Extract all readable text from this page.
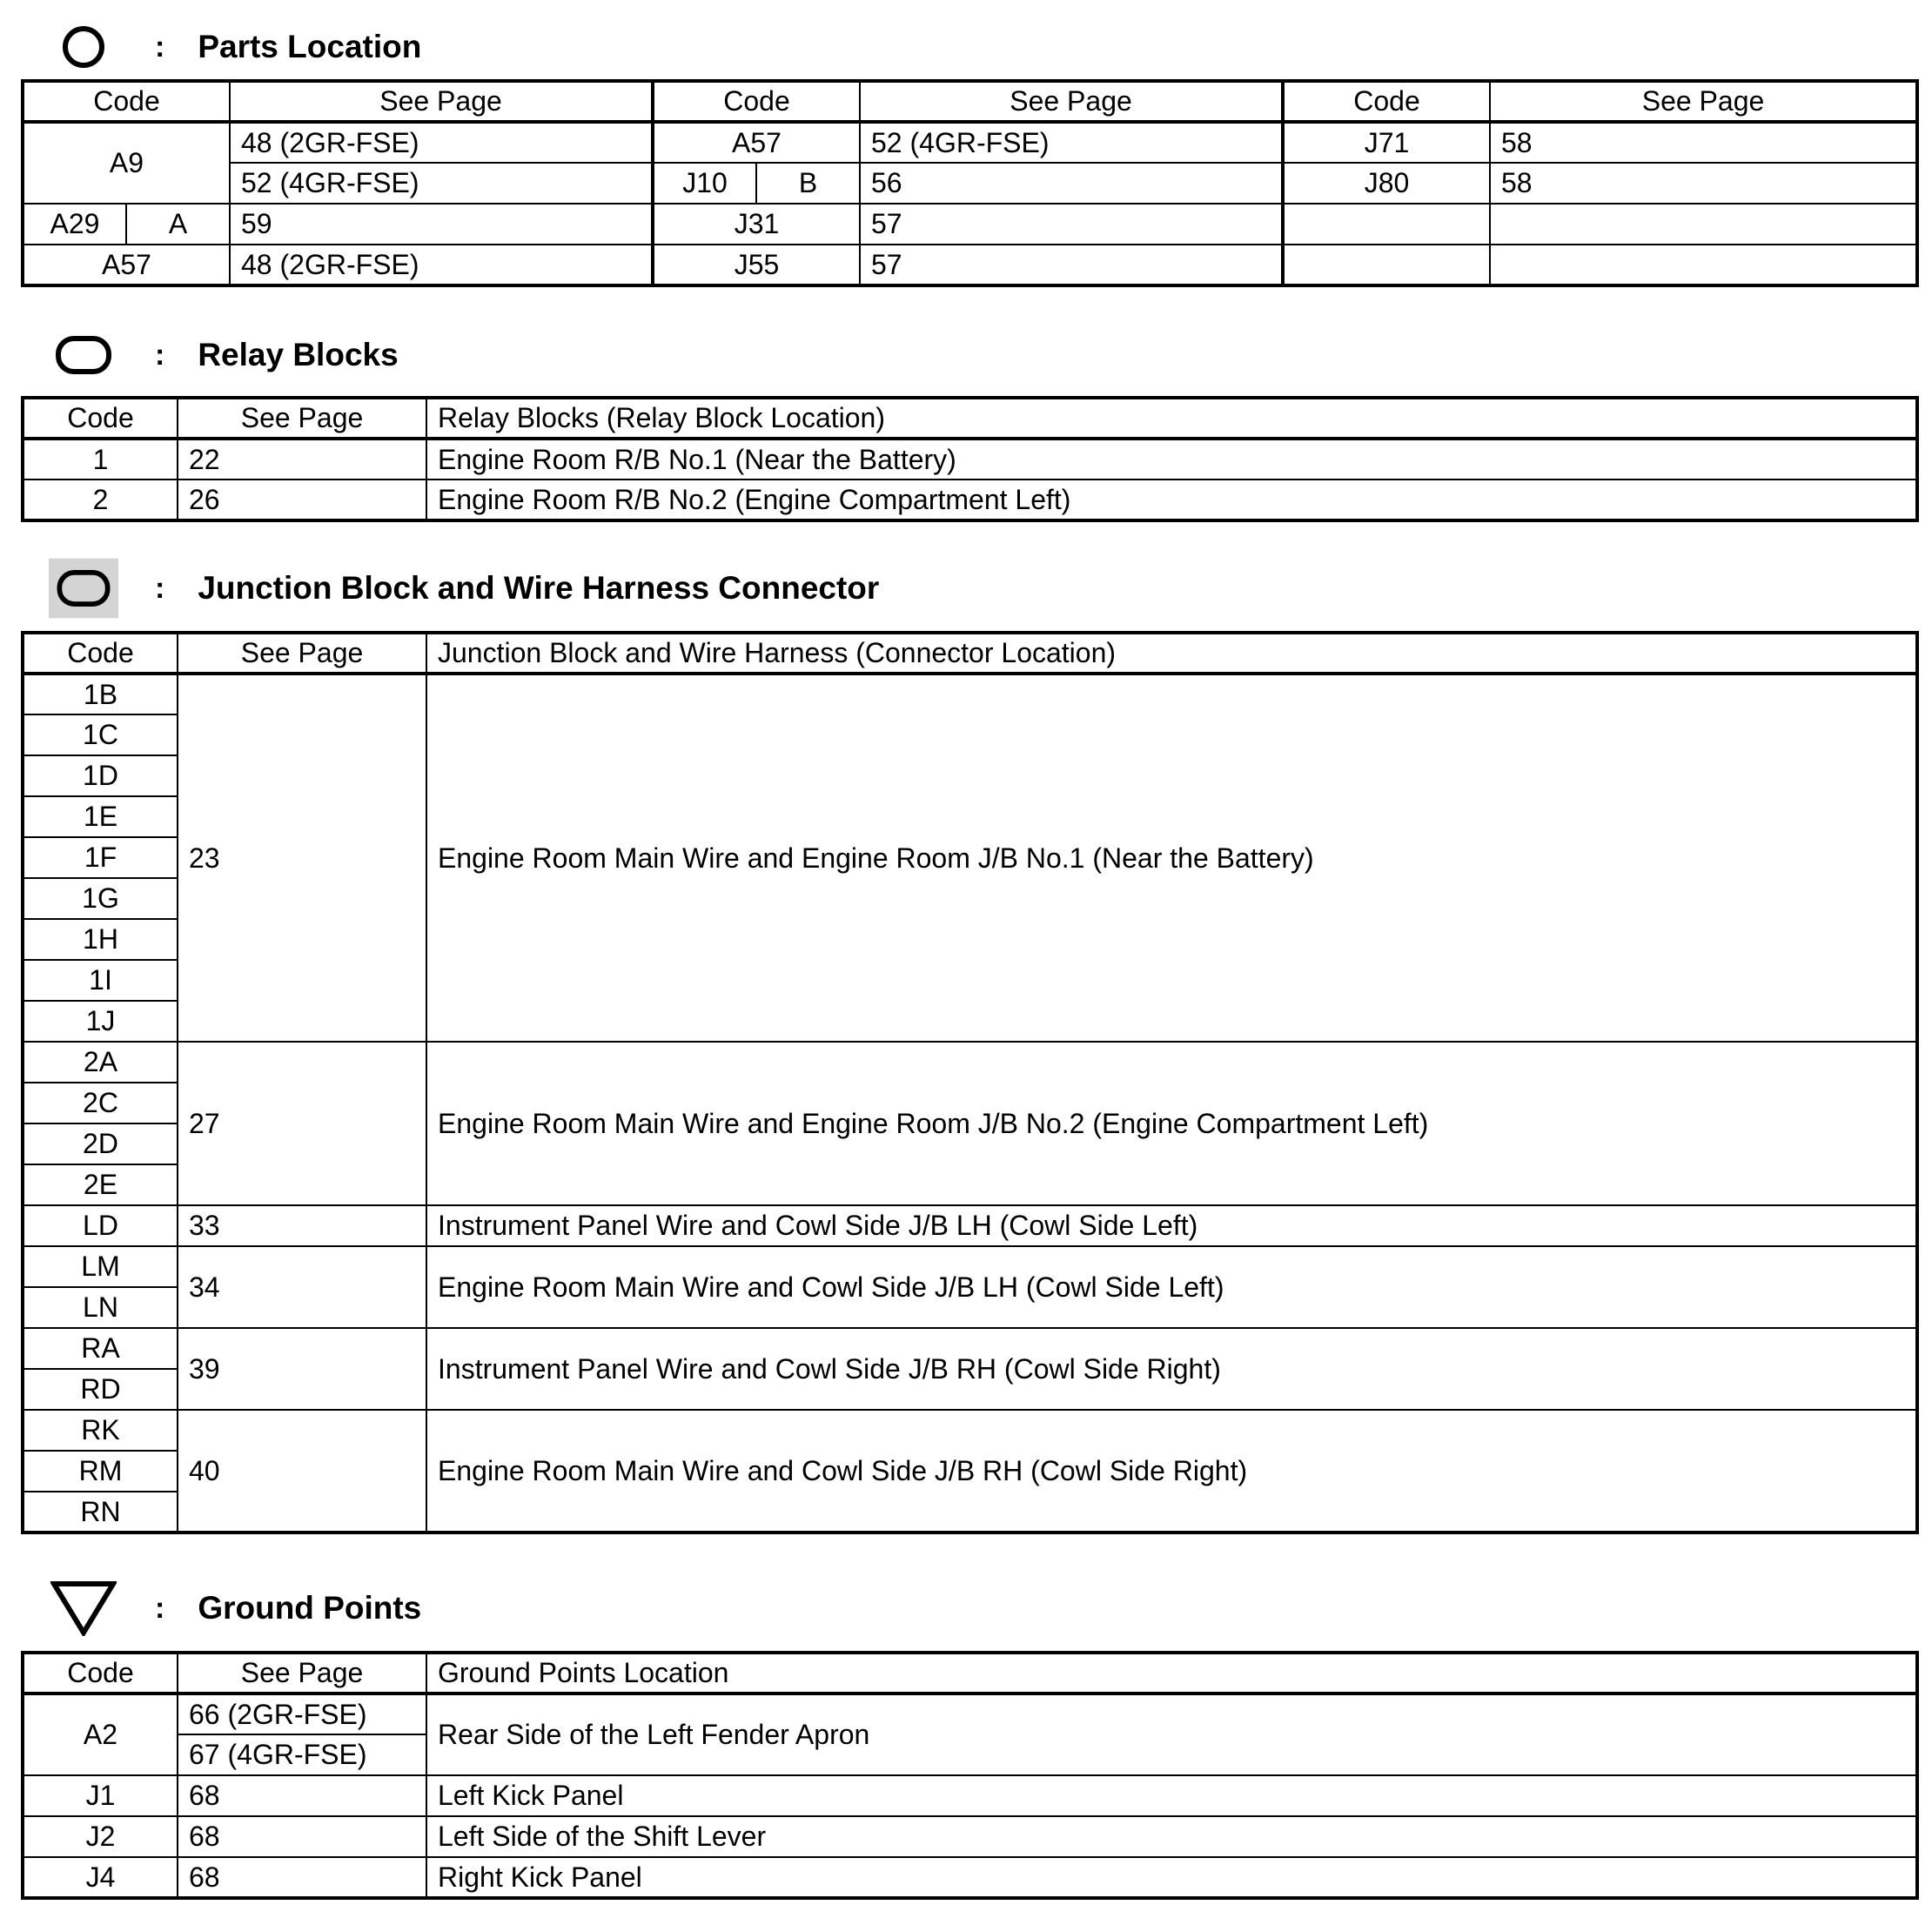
: Parts Location
Code		See Page	Code		See Page	Code	See Page
A9		48 (2GR-FSE)	A57		52 (4GR-FSE)	J71	58
		52 (4GR-FSE)	J10	B	56	J80	58
A29	A	59	J31		57		
A57		48 (2GR-FSE)	J55		57		
: Relay Blocks
Code	See Page	Relay Blocks (Relay Block Location)
1	22	Engine Room R/B No.1 (Near the Battery)
2	26	Engine Room R/B No.2 (Engine Compartment Left)
: Junction Block and Wire Harness Connector
Code	See Page	Junction Block and Wire Harness (Connector Location)
1B	23	Engine Room Main Wire and Engine Room J/B No.1 (Near the Battery)
1C		
1D		
1E		
1F		
1G		
1H		
1I		
1J		
2A	27	Engine Room Main Wire and Engine Room J/B No.2 (Engine Compartment Left)
2C		
2D		
2E		
LD	33	Instrument Panel Wire and Cowl Side J/B LH (Cowl Side Left)
LM	34	Engine Room Main Wire and Cowl Side J/B LH (Cowl Side Left)
LN		
RA	39	Instrument Panel Wire and Cowl Side J/B RH (Cowl Side Right)
RD		
RK	40	Engine Room Main Wire and Cowl Side J/B RH (Cowl Side Right)
RM		
RN		
: Ground Points
Code	See Page	Ground Points Location
A2	66 (2GR-FSE)	Rear Side of the Left Fender Apron
	67 (4GR-FSE)	
J1	68	Left Kick Panel
J2	68	Left Side of the Shift Lever
J4	68	Right Kick Panel
